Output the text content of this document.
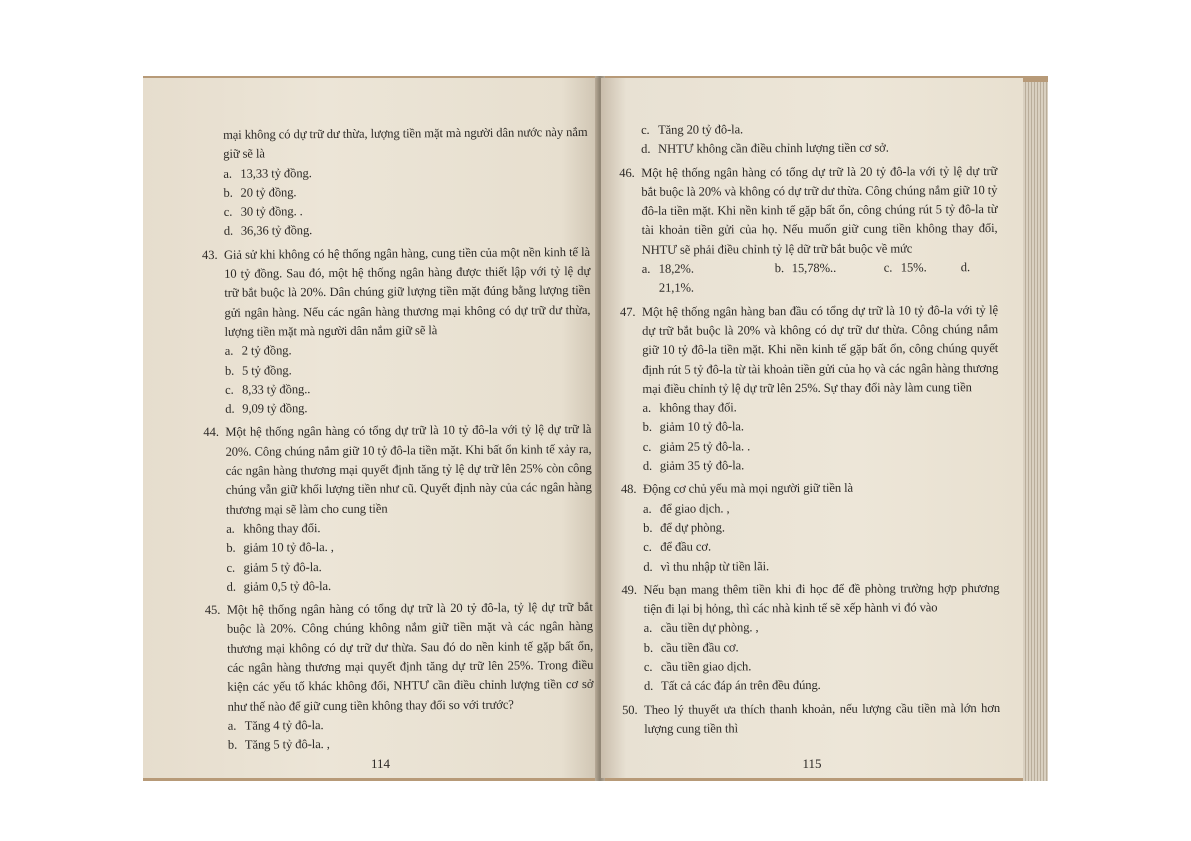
mại không có dự trữ dư thừa, lượng tiền mặt mà người dân nước này nắm
giữ sẽ là
a. 13,33 tỷ đồng.
b. 20 tỷ đồng.
c. 30 tỷ đồng. .
d. 36,36 tỷ đồng.
43. Giả sử khi không có hệ thống ngân hàng, cung tiền của một nền kinh tế là 10 tỷ đồng. Sau đó, một hệ thống ngân hàng được thiết lập với tỷ lệ dự trữ bắt buộc là 20%. Dân chúng giữ lượng tiền mặt đúng bằng lượng tiền gửi ngân hàng. Nếu các ngân hàng thương mại không có dự trữ dư thừa, lượng tiền mặt mà người dân nắm giữ sẽ là
a. 2 tỷ đồng.
b. 5 tỷ đồng.
c. 8,33 tỷ đồng..
d. 9,09 tỷ đồng.
44. Một hệ thống ngân hàng có tổng dự trữ là 10 tỷ đô-la với tỷ lệ dự trữ là 20%. Công chúng nắm giữ 10 tỷ đô-la tiền mặt. Khi bất ổn kinh tế xảy ra, các ngân hàng thương mại quyết định tăng tỷ lệ dự trữ lên 25% còn công chúng vẫn giữ khối lượng tiền như cũ. Quyết định này của các ngân hàng thương mại sẽ làm cho cung tiền
a. không thay đổi.
b. giảm 10 tỷ đô-la. ,
c. giảm 5 tỷ đô-la.
d. giảm 0,5 tỷ đô-la.
45. Một hệ thống ngân hàng có tổng dự trữ là 20 tỷ đô-la, tỷ lệ dự trữ bắt buộc là 20%. Công chúng không nắm giữ tiền mặt và các ngân hàng thương mại không có dự trữ dư thừa. Sau đó do nền kinh tế gặp bất ổn, các ngân hàng thương mại quyết định tăng dự trữ lên 25%. Trong điều kiện các yếu tố khác không đổi, NHTƯ cần điều chỉnh lượng tiền cơ sở như thế nào để giữ cung tiền không thay đổi so với trước?
a. Tăng 4 tỷ đô-la.
b. Tăng 5 tỷ đô-la. ,
114
c. Tăng 20 tỷ đô-la.
d. NHTƯ không cần điều chỉnh lượng tiền cơ sở.
46. Một hệ thống ngân hàng có tổng dự trữ là 20 tỷ đô-la với tỷ lệ dự trữ bắt buộc là 20% và không có dự trữ dư thừa. Công chúng nắm giữ 10 tỷ đô-la tiền mặt. Khi nền kinh tế gặp bất ổn, công chúng rút 5 tỷ đô-la từ tài khoản tiền gửi của họ. Nếu muốn giữ cung tiền không thay đổi, NHTƯ sẽ phải điều chỉnh tỷ lệ dữ trữ bắt buộc về mức
a. 18,2%.	b. 15,78%..	c. 15%.	d.
21,1%.
47. Một hệ thống ngân hàng ban đầu có tổng dự trữ là 10 tỷ đô-la với tỷ lệ dự trữ bắt buộc là 20% và không có dự trữ dư thừa. Công chúng nắm giữ 10 tỷ đô-la tiền mặt. Khi nền kinh tế gặp bất ổn, công chúng quyết định rút 5 tỷ đô-la từ tài khoản tiền gửi của họ và các ngân hàng thương mại điều chỉnh tỷ lệ dự trữ lên 25%. Sự thay đổi này làm cung tiền
a. không thay đổi.
b. giảm 10 tỷ đô-la.
c. giảm 25 tỷ đô-la. .
d. giảm 35 tỷ đô-la.
48. Động cơ chủ yếu mà mọi người giữ tiền là
a. để giao dịch. ,
b. để dự phòng.
c. để đầu cơ.
d. vì thu nhập từ tiền lãi.
49. Nếu bạn mang thêm tiền khi đi học để đề phòng trường hợp phương tiện đi lại bị hỏng, thì các nhà kinh tế sẽ xếp hành vi đó vào
a. cầu tiền dự phòng. ,
b. cầu tiền đầu cơ.
c. cầu tiền giao dịch.
d. Tất cả các đáp án trên đều đúng.
50. Theo lý thuyết ưa thích thanh khoản, nếu lượng cầu tiền mà lớn hơn lượng cung tiền thì
115
